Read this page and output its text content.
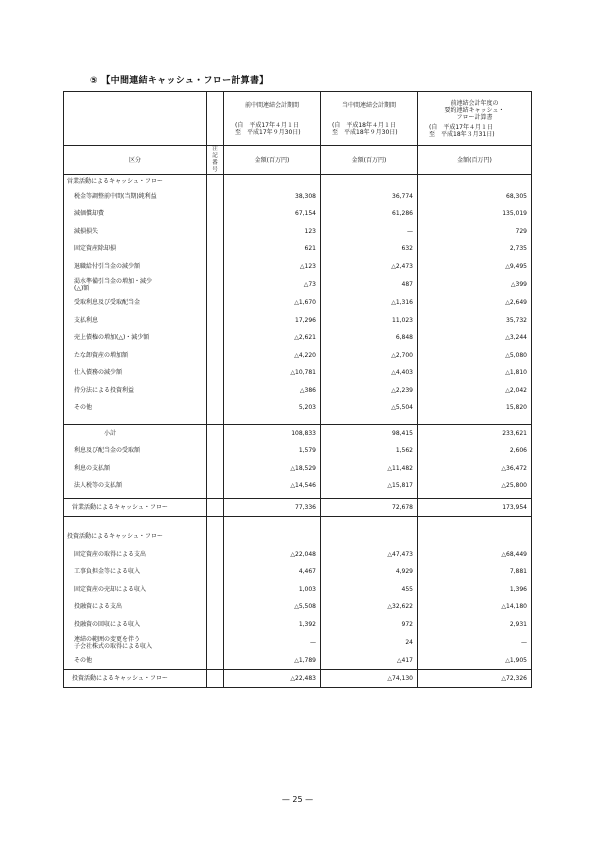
⑤ 【中間連結キャッシュ・フロー計算書】

		前中間連結会計期間
(自　平成17年４月１日
至　平成17年９月30日)	当中間連結会計期間
(自　平成18年４月１日
至　平成18年９月30日)	前連結会計年度の
要約連結キャッシュ・
フロー計算書
(自　平成17年４月１日
至　平成18年３月31日)

区分	注記
番号	金額(百万円)	金額(百万円)	金額(百万円)
営業活動によるキャッシュ・フロー				
税金等調整前中間(当期)純利益		38,308	36,774	68,305
減価償却費		67,154	61,286	135,019
減損損失		123	—	729
固定資産除却損		621	632	2,735
退職給付引当金の減少額		△123	△2,473	△9,495
渇水準備引当金の増加・減少
(△)額		△73	487	△399
受取利息及び受取配当金		△1,670	△1,316	△2,649
支払利息		17,296	11,023	35,732
売上債権の増加(△)・減少額		△2,621	6,848	△3,244
たな卸資産の増加額		△4,220	△2,700	△5,080
仕入債務の減少額		△10,781	△4,403	△1,810
持分法による投資利益		△386	△2,239	△2,042
その他		5,203	△5,504	15,820

小計		108,833	98,415	233,621
利息及び配当金の受取額		1,579	1,562	2,606
利息の支払額		△18,529	△11,482	△36,472
法人税等の支払額		△14,546	△15,817	△25,800

営業活動によるキャッシュ・フロー		77,336	72,678	173,954

投資活動によるキャッシュ・フロー				
固定資産の取得による支出		△22,048	△47,473	△68,449
工事負担金等による収入		4,467	4,929	7,881
固定資産の売却による収入		1,003	455	1,396
投融資による支出		△5,508	△32,622	△14,180
投融資の回収による収入		1,392	972	2,931
連結の範囲の変更を伴う
子会社株式の取得による収入		—	24	—
その他		△1,789	△417	△1,905
投資活動によるキャッシュ・フロー		△22,483	△74,130	△72,326
— 25 —
